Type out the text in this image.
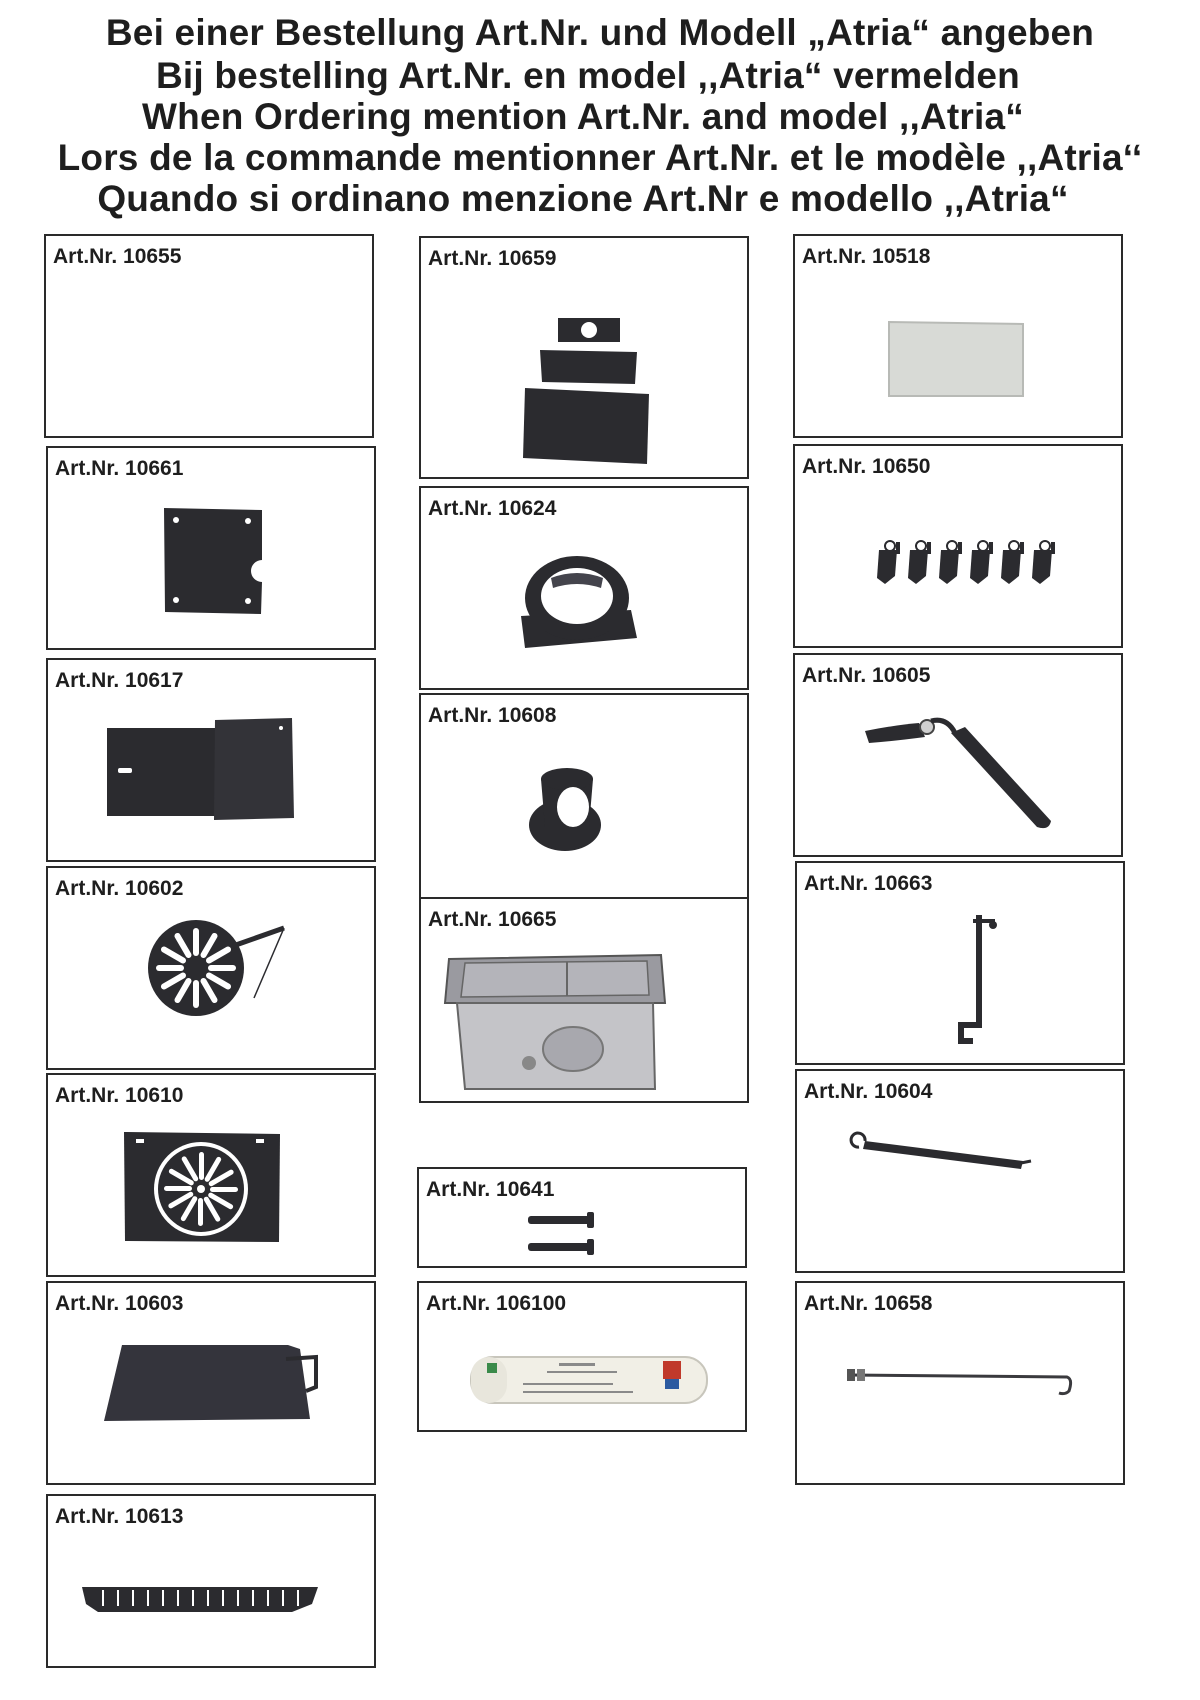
Bei einer Bestellung Art.Nr. und Modell „Atria“ angeben
Bij bestelling Art.Nr. en model ,,Atria“ vermelden
When Ordering mention Art.Nr. and model ,,Atria“
Lors de la commande mentionner Art.Nr. et le modèle ,,Atria‘‘
Quando si ordinano menzione Art.Nr e modello ,,Atria“
Art.Nr. 10655
Art.Nr. 10661
Art.Nr. 10617
Art.Nr. 10602
Art.Nr. 10610
Art.Nr. 10603
Art.Nr. 10613
Art.Nr. 10659
Art.Nr. 10624
Art.Nr. 10608
Art.Nr. 10665
Art.Nr. 10641
Art.Nr. 106100
Art.Nr. 10518
Art.Nr. 10650
Art.Nr. 10605
Art.Nr. 10663
Art.Nr. 10604
Art.Nr. 10658
